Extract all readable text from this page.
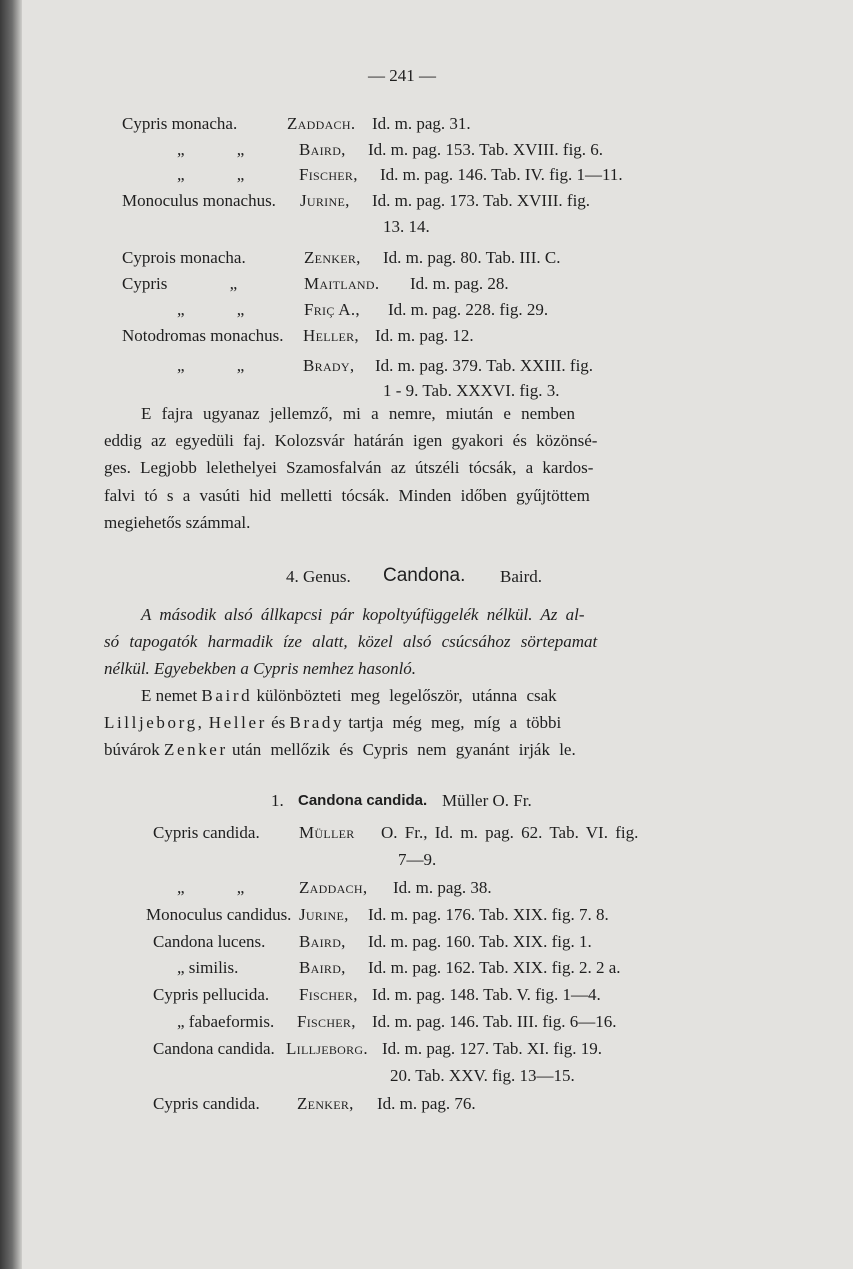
— 241 —
Cypris monacha.	Zaddach. Id. m. pag. 31.
„ „	Baird, Id. m. pag. 153. Tab. XVIII. fig. 6.
„ „	Fischer, Id. m. pag. 146. Tab. IV. fig. 1—11.
Monoculus monachus. Jurine, Id. m. pag. 173. Tab. XVIII. fig.
13. 14.
Cyprois monacha.	Zenker, Id. m. pag. 80. Tab. III. C.
Cypris „	Maitland. Id. m. pag. 28.
„ „	Friç A., Id. m. pag. 228. fig. 29.
Notodromas monachus. Heller, Id. m. pag. 12.
„ „	Brady, Id. m. pag. 379. Tab. XXIII. fig.
1 - 9. Tab. XXXVI. fig. 3.
E fajra ugyanaz jellemző, mi a nemre, miután e nemben
eddig az egyedüli faj. Kolozsvár határán igen gyakori és közönsé-
ges. Legjobb lelethelyei Szamosfalván az útszéli tócsák, a kardos-
falvi tó s a vasúti hid melletti tócsák. Minden időben gyűjtöttem
megiehetős számmal.
4. Genus. Candona. Baird.
A második alsó állkapcsi pár kopoltyúfüggelék nélkül. Az al-
só tapogatók harmadik íze alatt, közel alsó csúcsához sörtepamat
nélkül. Egyebekben a Cypris nemhez hasonló.
E nemet Baird különbözteti meg legelőször, utánna csak
Lilljeborg, Heller és Brady tartja még meg, míg a többi
búvárok Zenker után mellőzik és Cypris nem gyanánt irják le.
1. Candona candida. Müller O. Fr.
Cypris candida. Müller O. Fr., Id. m. pag. 62. Tab. VI. fig.
7—9.
„ „	Zaddach, Id. m. pag. 38.
Monoculus candidus. Jurine, Id. m. pag. 176. Tab. XIX. fig. 7. 8.
Candona lucens. Baird, Id. m. pag. 160. Tab. XIX. fig. 1.
„ similis.	Baird, Id. m. pag. 162. Tab. XIX. fig. 2. 2 a.
Cypris pellucida. Fischer, Id. m. pag. 148. Tab. V. fig. 1—4.
„ fabaeformis. Fischer, Id. m. pag. 146. Tab. III. fig. 6—16.
Candona candida. Lilljeborg. Id. m. pag. 127. Tab. XI. fig. 19.
20. Tab. XXV. fig. 13—15.
Cypris candida. Zenker, Id. m. pag. 76.
